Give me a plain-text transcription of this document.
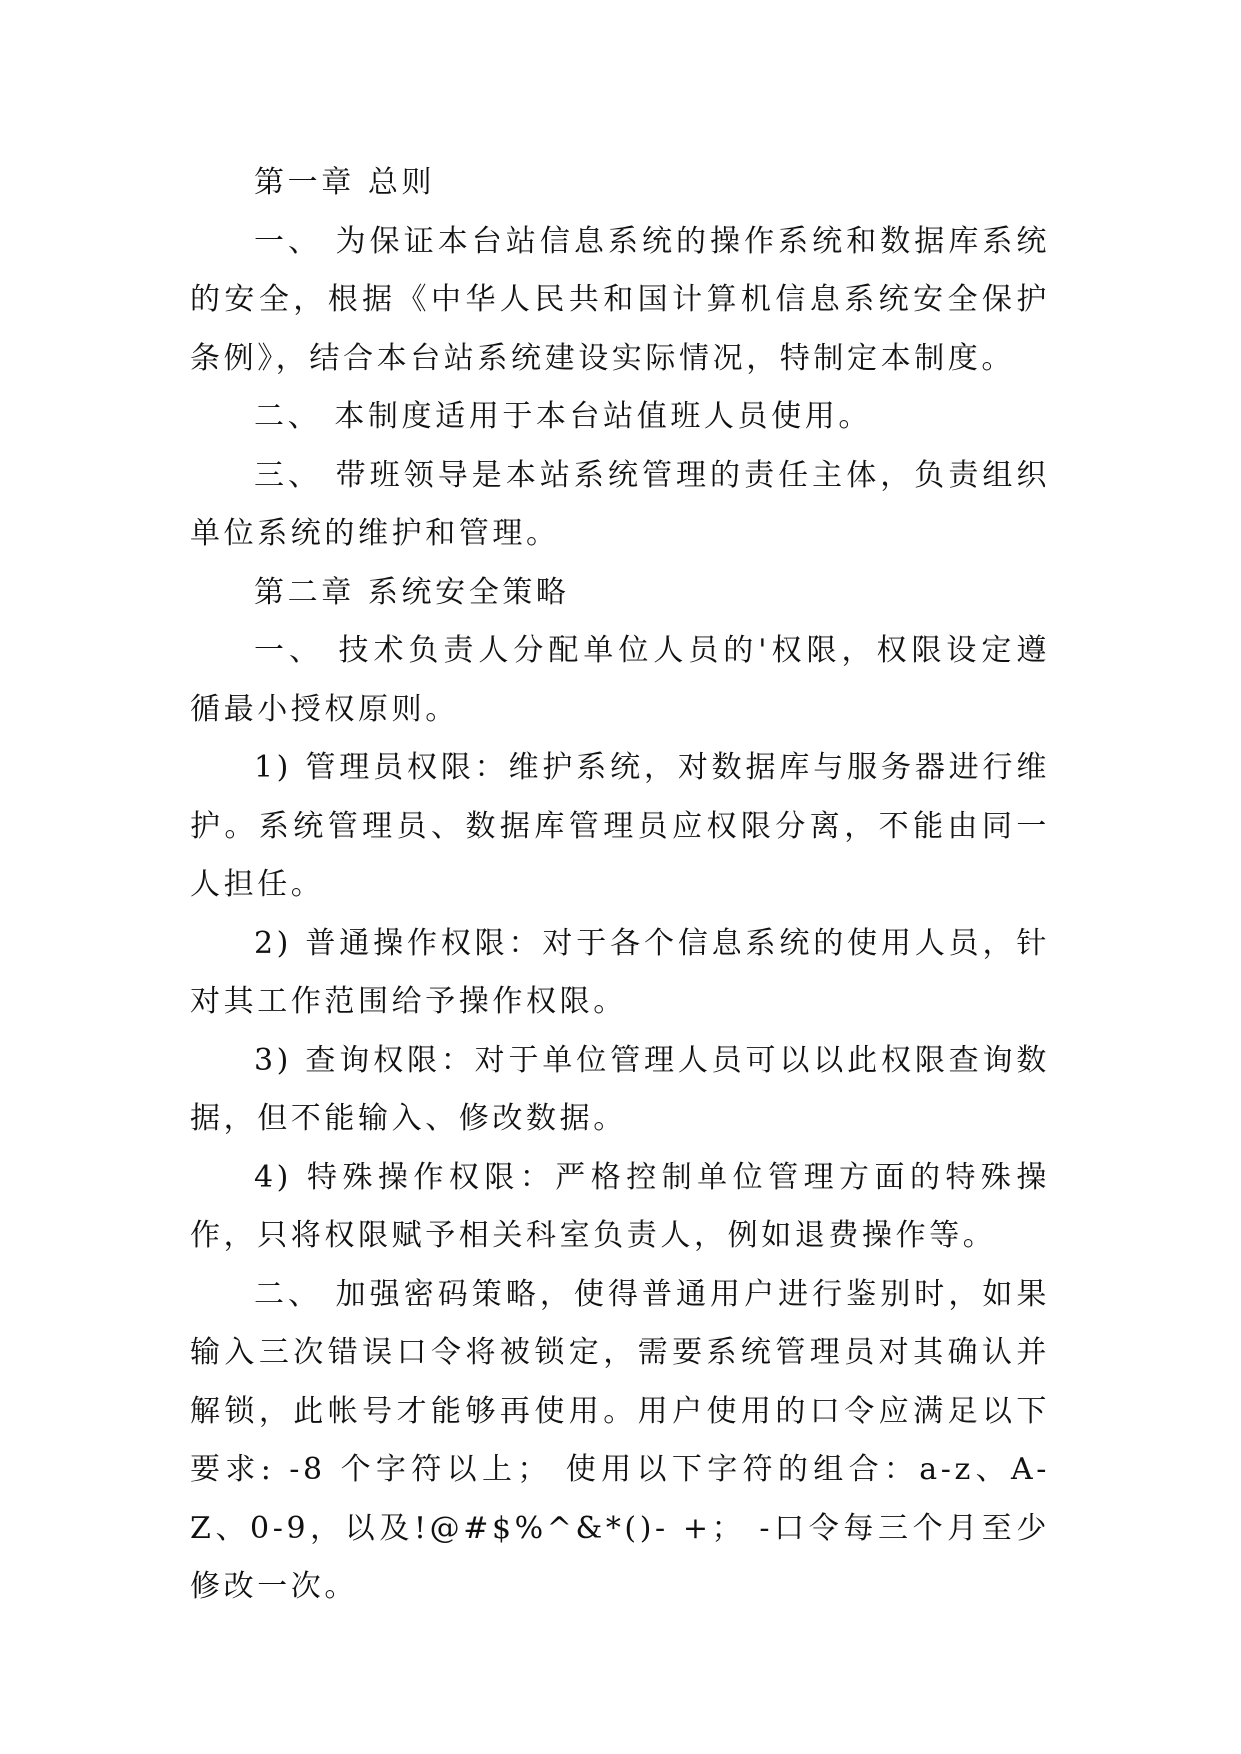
第一章 总则

一、 为保证本台站信息系统的操作系统和数据库系统的安全，根据《中华人民共和国计算机信息系统安全保护条例》，结合本台站系统建设实际情况，特制定本制度。

二、 本制度适用于本台站值班人员使用。

三、 带班领导是本站系统管理的责任主体，负责组织单位系统的维护和管理。

第二章 系统安全策略

一、 技术负责人分配单位人员的'权限，权限设定遵循最小授权原则。

1) 管理员权限：维护系统，对数据库与服务器进行维护。系统管理员、数据库管理员应权限分离，不能由同一人担任。

2) 普通操作权限：对于各个信息系统的使用人员，针对其工作范围给予操作权限。

3) 查询权限：对于单位管理人员可以以此权限查询数据，但不能输入、修改数据。

4) 特殊操作权限：严格控制单位管理方面的特殊操作，只将权限赋予相关科室负责人，例如退费操作等。

二、 加强密码策略，使得普通用户进行鉴别时，如果输入三次错误口令将被锁定，需要系统管理员对其确认并解锁，此帐号才能够再使用。用户使用的口令应满足以下要求: -8 个字符以上； 使用以下字符的组合：a-z、A-Z、0-9，以及!@#$%^&*()- +； -口令每三个月至少修改一次。
